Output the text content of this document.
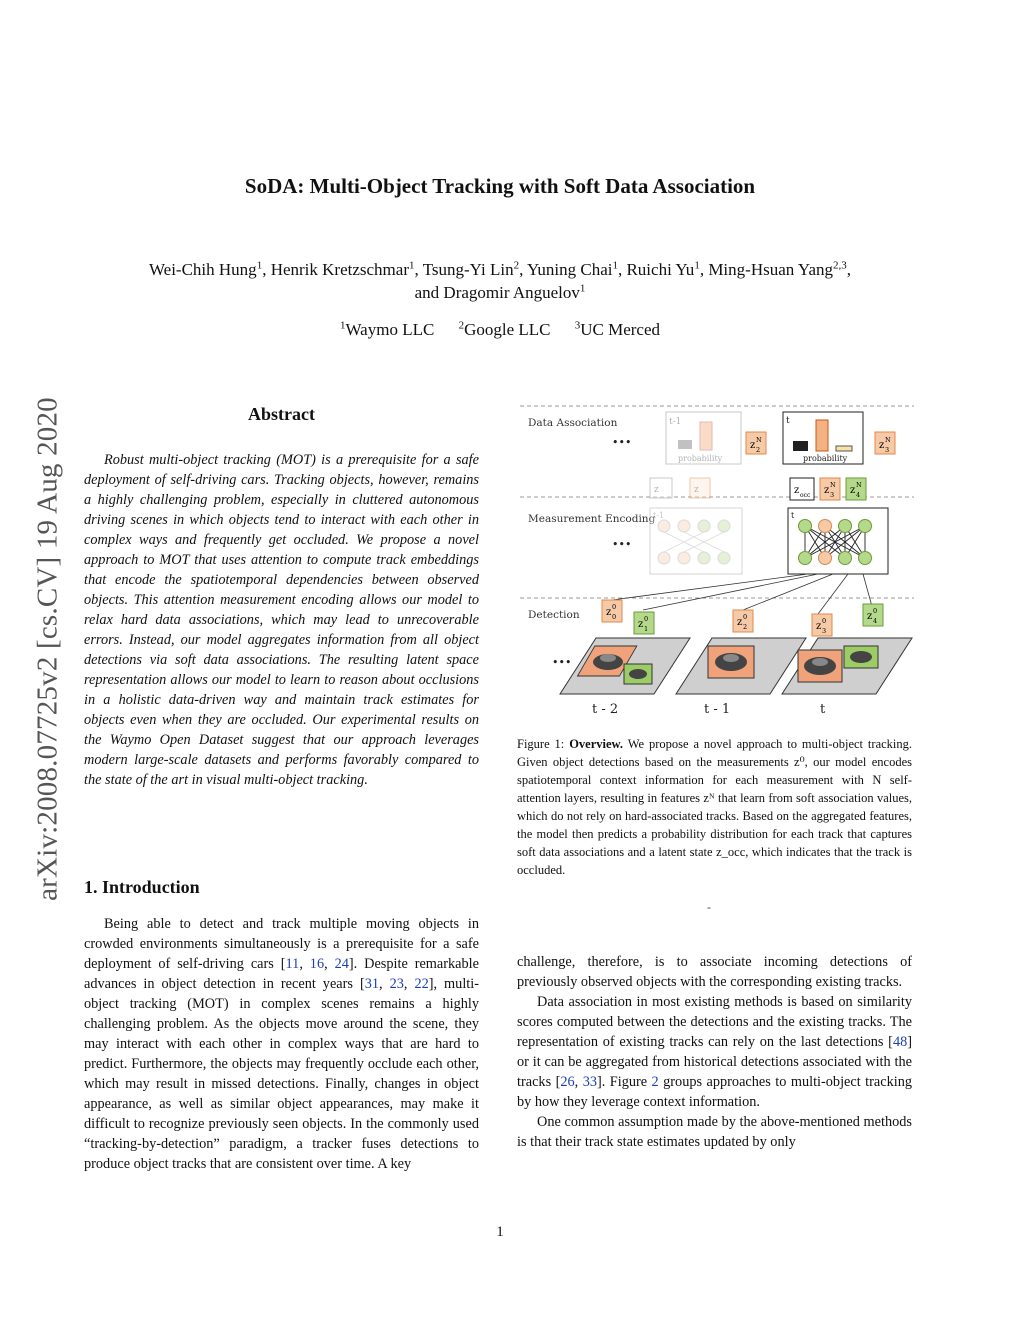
arXiv:2008.07725v2 [cs.CV] 19 Aug 2020
SoDA: Multi-Object Tracking with Soft Data Association
Wei-Chih Hung$^1$, Henrik Kretzschmar$^1$, Tsung-Yi Lin$^2$, Yuning Chai$^1$, Ruichi Yu$^1$, Ming-Hsuan Yang$^{2,3}$,
and Dragomir Anguelov$^1$
$^1$Waymo LLC $^2$Google LLC $^3$UC Merced
Abstract

Robust multi-object tracking (MOT) is a prerequisite for a safe deployment of self-driving cars. Tracking objects, however, remains a highly challenging problem, especially in cluttered autonomous driving scenes in which objects tend to interact with each other in complex ways and frequently get occluded. We propose a novel approach to MOT that uses attention to compute track embeddings that encode the spatiotemporal dependencies between observed objects. This attention measurement encoding allows our model to relax hard data associations, which may lead to unrecoverable errors. Instead, our model aggregates information from all object detections via soft data associations. The resulting latent space representation allows our model to learn to reason about occlusions in a holistic data-driven way and maintain track estimates for objects even when they are occluded. Our experimental results on the Waymo Open Dataset suggest that our approach leverages modern large-scale datasets and performs favorably compared to the state of the art in visual multi-object tracking.

1. Introduction

Being able to detect and track multiple moving objects in crowded environments simultaneously is a prerequisite for a safe deployment of self-driving cars [11, 16, 24]. Despite remarkable advances in object detection in recent years [31, 23, 22], multi-object tracking (MOT) in complex scenes remains a highly challenging problem. As the objects move around the scene, they may interact with each other in complex ways that are hard to predict. Furthermore, the objects may frequently occlude each other, which may result in missed detections. Finally, changes in object appearance, as well as similar object appearances, may make it difficult to recognize previously seen objects. In the commonly used “tracking-by-detection” paradigm, a tracker fuses detections to produce object tracks that are consistent over time. A key

challenge, therefore, is to associate incoming detections of previously observed objects with the corresponding existing tracks.

Data association in most existing methods is based on similarity scores computed between the detections and the existing tracks. The representation of existing tracks can rely on the last detections [48] or it can be aggregated from historical detections associated with the tracks [26, 33]. Figure 2 groups approaches to multi-object tracking by how they leverage context information.

One common assumption made by the above-mentioned methods is that their track state estimates updated by only

Data Association
Measurement Encoding
Detection
•••
•••
t-1
probability
z N
2
z	z
t
probability
z N
3
z occ z N
3 z N
4
t-1	t
z 0
0
z 0
1
z 0
2	z 0
3
z 0
4
•••
t - 2	t - 1	t
Figure 1: Overview. We propose a novel approach to multi-object tracking. Given object detections based on the measurements z⁰, our model encodes spatiotemporal context information for each measurement with N self-attention layers, resulting in features zᴺ that learn from soft association values, which do not rely on hard-associated tracks. Based on the aggregated features, the model then predicts a probability distribution for each track that captures soft data associations and a latent state z_occ, which indicates that the track is occluded.
-
1
